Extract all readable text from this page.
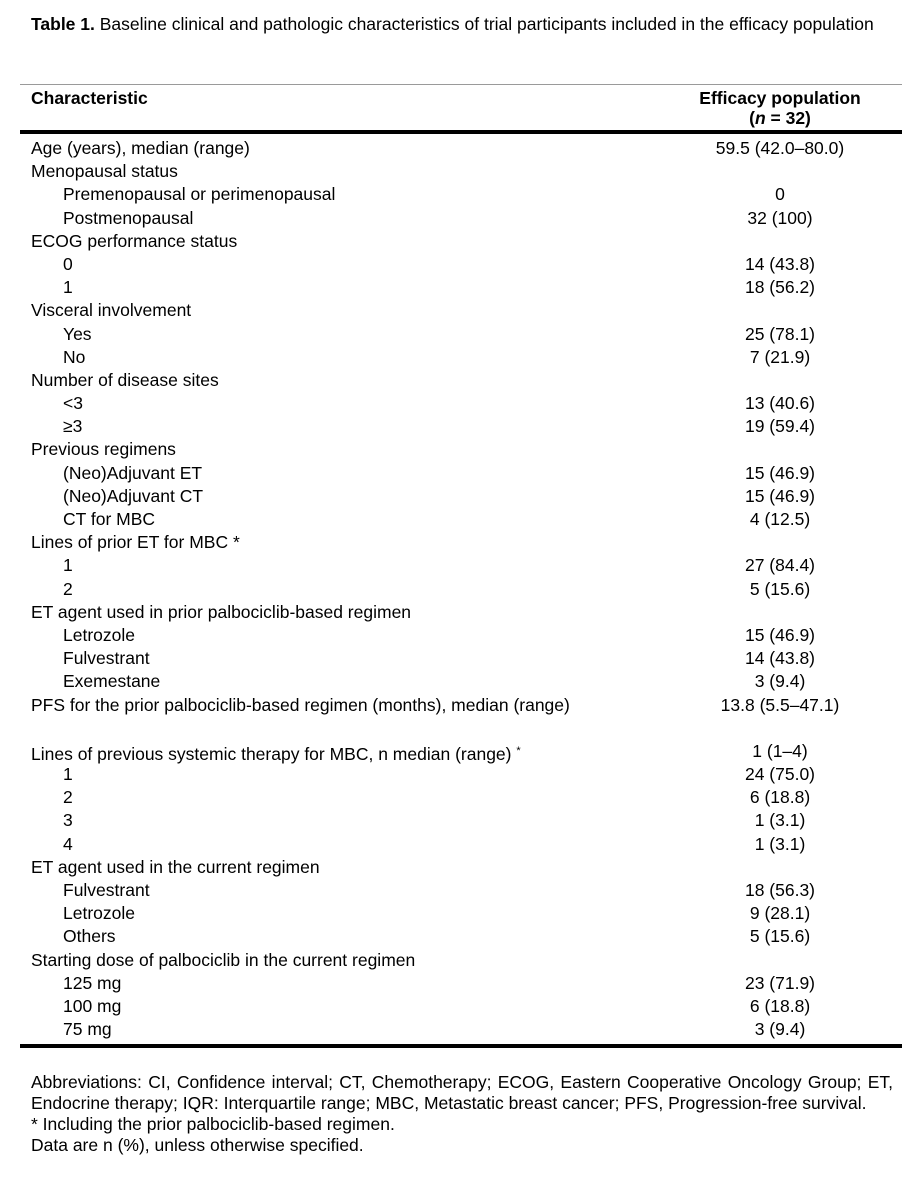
Table 1. Baseline clinical and pathologic characteristics of trial participants included in the efficacy population
Characteristic	Efficacy population
(n = 32)
Age (years), median (range)	59.5 (42.0–80.0)
Menopausal status
Premenopausal or perimenopausal	0
Postmenopausal	32 (100)
ECOG performance status
0	14 (43.8)
1	18 (56.2)
Visceral involvement
Yes	25 (78.1)
No	7 (21.9)
Number of disease sites
<3	13 (40.6)
≥3	19 (59.4)
Previous regimens
(Neo)Adjuvant ET	15 (46.9)
(Neo)Adjuvant CT	15 (46.9)
CT for MBC	4 (12.5)
Lines of prior ET for MBC *
1	27 (84.4)
2	5 (15.6)
ET agent used in prior palbociclib-based regimen
Letrozole	15 (46.9)
Fulvestrant	14 (43.8)
Exemestane	3 (9.4)
PFS for the prior palbociclib-based regimen (months), median (range)	13.8 (5.5–47.1)
Lines of previous systemic therapy for MBC, n median (range) *	1 (1–4)
1	24 (75.0)
2	6 (18.8)
3	1 (3.1)
4	1 (3.1)
ET agent used in the current regimen
Fulvestrant	18 (56.3)
Letrozole	9 (28.1)
Others	5 (15.6)
Starting dose of palbociclib in the current regimen
125 mg	23 (71.9)
100 mg	6 (18.8)
75 mg	3 (9.4)

Abbreviations: CI, Confidence interval; CT, Chemotherapy; ECOG, Eastern Cooperative Oncology Group; ET, Endocrine therapy; IQR: Interquartile range; MBC, Metastatic breast cancer; PFS, Progression-free survival.

* Including the prior palbociclib-based regimen.

Data are n (%), unless otherwise specified.
